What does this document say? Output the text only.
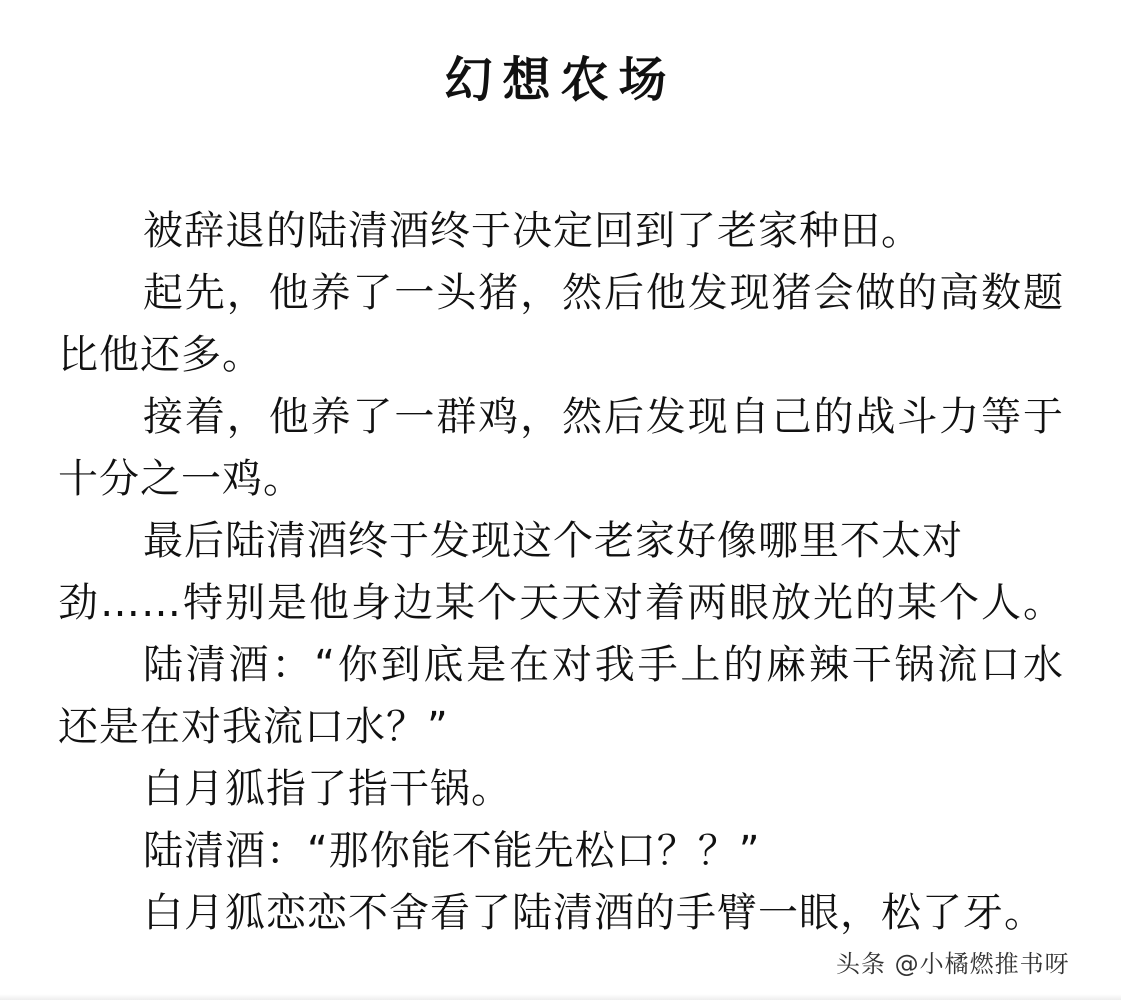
幻想农场
被辞退的陆清酒终于决定回到了老家种田。
起先，他养了一头猪，然后他发现猪会做的高数题
比他还多。
接着，他养了一群鸡，然后发现自己的战斗力等于
十分之一鸡。
最后陆清酒终于发现这个老家好像哪里不太对
劲……特别是他身边某个天天对着两眼放光的某个人。
陆清酒：“你到底是在对我手上的麻辣干锅流口水
还是在对我流口水？”
白月狐指了指干锅。
陆清酒：“那你能不能先松口？？”
白月狐恋恋不舍看了陆清酒的手臂一眼，松了牙。
头条 @小橘燃推书呀
